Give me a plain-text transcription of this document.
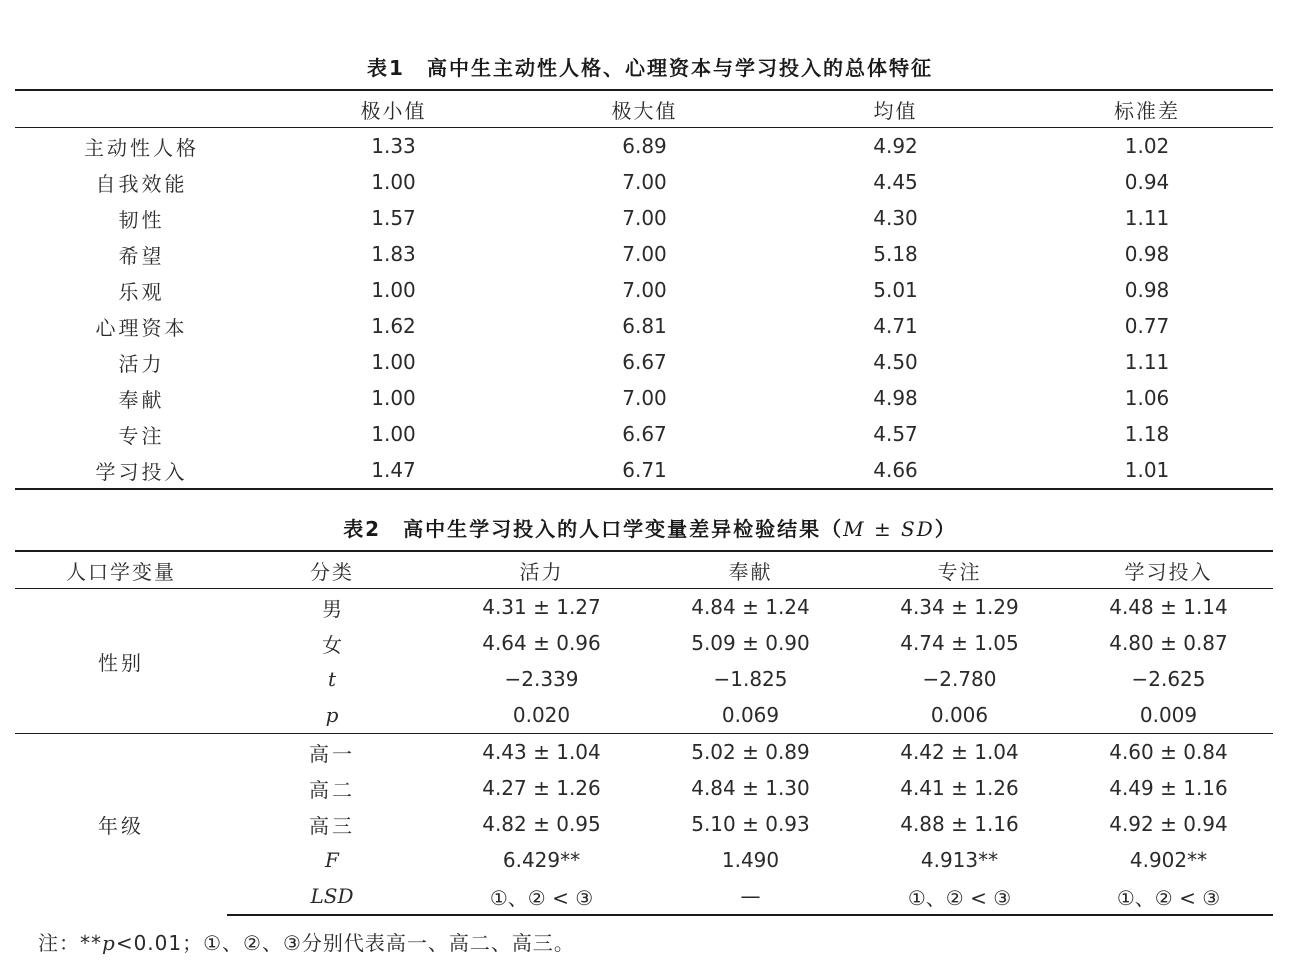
表1　高中生主动性人格、心理资本与学习投入的总体特征
	极小值	极大值	均值	标准差
主动性人格	1.33	6.89	4.92	1.02
自我效能	1.00	7.00	4.45	0.94
韧性	1.57	7.00	4.30	1.11
希望	1.83	7.00	5.18	0.98
乐观	1.00	7.00	5.01	0.98
心理资本	1.62	6.81	4.71	0.77
活力	1.00	6.67	4.50	1.11
奉献	1.00	7.00	4.98	1.06
专注	1.00	6.67	4.57	1.18
学习投入	1.47	6.71	4.66	1.01
表2　高中生学习投入的人口学变量差异检验结果（M ± SD）
人口学变量	分类	活力	奉献	专注	学习投入
性别	男	4.31 ± 1.27	4.84 ± 1.24	4.34 ± 1.29	4.48 ± 1.14
	女	4.64 ± 0.96	5.09 ± 0.90	4.74 ± 1.05	4.80 ± 0.87
	t	−2.339	−1.825	−2.780	−2.625
	p	0.020	0.069	0.006	0.009
年级	高一	4.43 ± 1.04	5.02 ± 0.89	4.42 ± 1.04	4.60 ± 0.84
	高二	4.27 ± 1.26	4.84 ± 1.30	4.41 ± 1.26	4.49 ± 1.16
	高三	4.82 ± 0.95	5.10 ± 0.93	4.88 ± 1.16	4.92 ± 0.94
	F	6.429**	1.490	4.913**	4.902**
	LSD	①、② < ③	—	①、② < ③	①、② < ③
注：**p<0.01；①、②、③分别代表高一、高二、高三。
